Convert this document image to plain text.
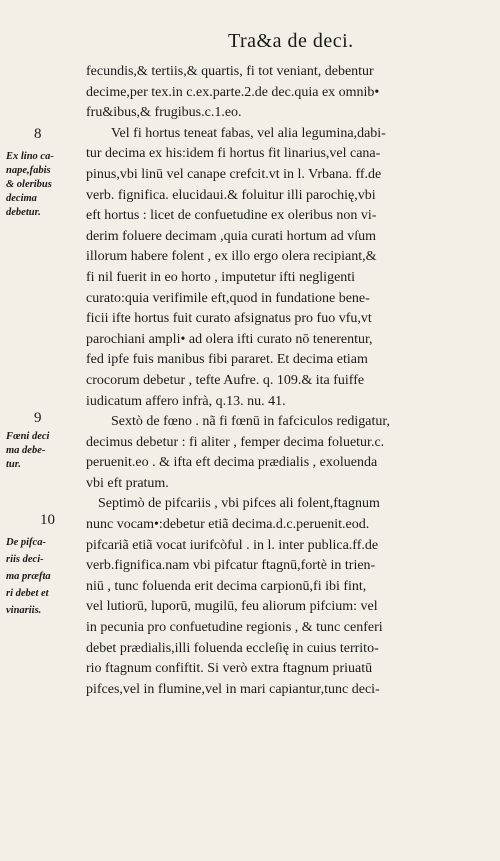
Tra&a de deci.
8
9
10
Ex lino ca-
nape,fabis
& oleribus
decima
debetur.
Fœni deci
ma debe-
tur.
De pifca-
riis deci-
ma præfta
ri debet et
vinariis.
fecundis,& tertiis,& quartis, fi tot veniant, debentur
decime,per tex.in c.ex.parte.2.de dec.quia ex omnib•
fru&ibus,& frugibus.c.1.eo.
Vel fi hortus teneat fabas, vel alia legumina,dabi-
tur decima ex his:idem fi hortus fit linarius,vel cana-
pinus,vbi linū vel canape crefcit.vt in l. Vrbana. ff.de
verb. fignifica. elucidaui.& foluitur illi parochię,vbi
eft hortus : licet de confuetudine ex oleribus non vi-
derim foluere decimam ,quia curati hortum ad vſum
illorum habere folent , ex illo ergo olera recipiant,&
fi nil fuerit in eo horto , imputetur ifti negligenti
curato:quia verifimile eft,quod in fundatione bene-
ficii ifte hortus fuit curato afsignatus pro fuo vfu,vt
parochiani ampli• ad olera ifti curato nō tenerentur,
fed ipfe fuis manibus fibi pararet. Et decima etiam
crocorum debetur , tefte Aufre. q. 109.& ita fuiffe
iudicatum affero infrà, q.13. nu. 41.
Sextò de fœno . nã fi fœnū in fafciculos redigatur,
decimus debetur : fi aliter , femper decima foluetur.c.
peruenit.eo . & ifta eft decima prædialis , exoluenda
vbi eft pratum.
Septimò de pifcariis , vbi pifces ali folent,ftagnum
nunc vocam•:debetur etiã decima.d.c.peruenit.eod.
pifcariã etiã vocat iurifcòful . in l. inter publica.ff.de
verb.fignifica.nam vbi pifcatur ftagnū,fortè in trien-
niū , tunc foluenda erit decima carpionū,fi ibi fint,
vel lutiorū, luporū, mugilū, feu aliorum pifcium: vel
in pecunia pro confuetudine regionis , & tunc cenferi
debet prædialis,illi foluenda eccleſię in cuius territo-
rio ftagnum confiftit. Si verò extra ftagnum priuatū
pifces,vel in flumine,vel in mari capiantur,tunc deci-
